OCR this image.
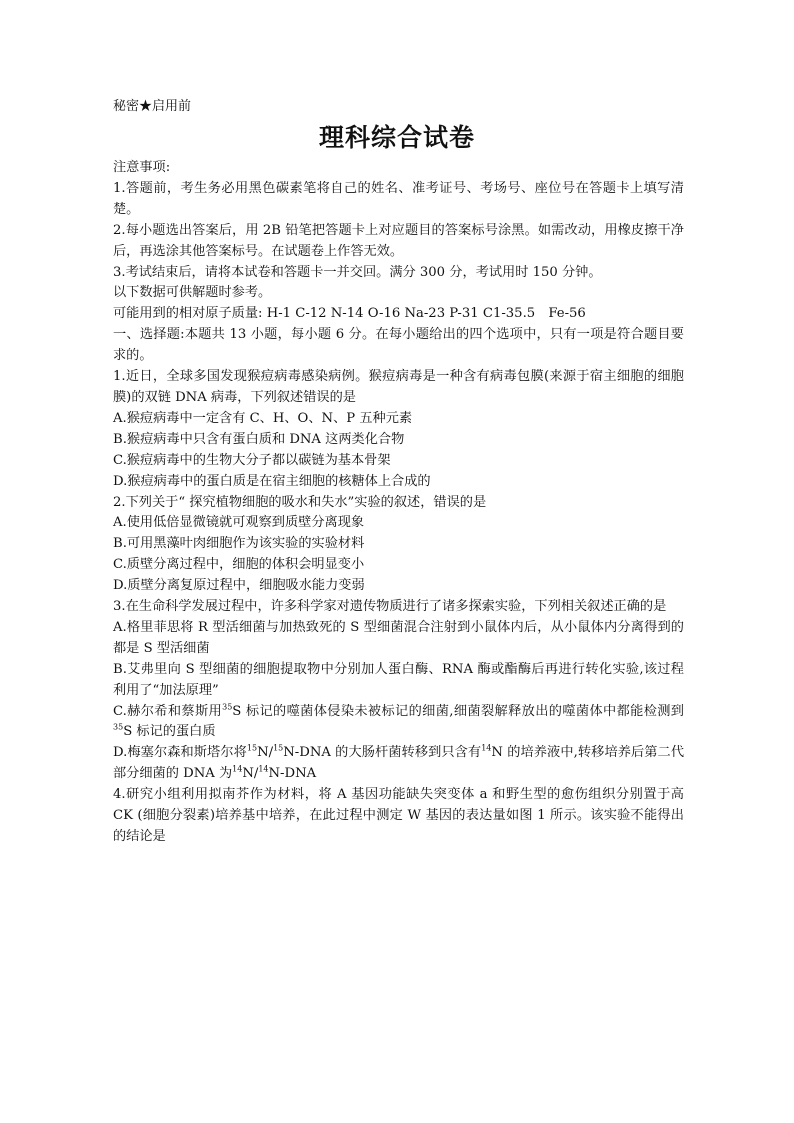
秘密★启用前
理科综合试卷

注意事项:

1.答题前，考生务必用黑色碳素笔将自己的姓名、准考证号、考场号、座位号在答题卡上填写清楚。

2.每小题选出答案后，用 2B 铅笔把答题卡上对应题目的答案标号涂黑。如需改动，用橡皮擦干净后，再选涂其他答案标号。在试题卷上作答无效。

3.考试结束后，请将本试卷和答题卡一并交回。满分 300 分，考试用时 150 分钟。

以下数据可供解题时参考。

可能用到的相对原子质量: H-1 C-12 N-14 O-16 Na-23 P-31 C1-35.5　Fe-56

一、选择题:本题共 13 小题，每小题 6 分。在每小题给出的四个选项中，只有一项是符合题目要求的。

1.近日，全球多国发现猴痘病毒感染病例。猴痘病毒是一种含有病毒包膜(来源于宿主细胞的细胞膜)的双链 DNA 病毒，下列叙述错误的是

A.猴痘病毒中一定含有 C、H、O、N、P 五种元素

B.猴痘病毒中只含有蛋白质和 DNA 这两类化合物

C.猴痘病毒中的生物大分子都以碳链为基本骨架

D.猴痘病毒中的蛋白质是在宿主细胞的核糖体上合成的

2.下列关于“ 探究植物细胞的吸水和失水”实验的叙述，错误的是

A.使用低倍显微镜就可观察到质壁分离现象

B.可用黑藻叶肉细胞作为该实验的实验材料

C.质壁分离过程中，细胞的体积会明显变小

D.质壁分离复原过程中，细胞吸水能力变弱

3.在生命科学发展过程中，许多科学家对遗传物质进行了诸多探索实验，下列相关叙述正确的是

A.格里菲思将 R 型活细菌与加热致死的 S 型细菌混合注射到小鼠体内后，从小鼠体内分离得到的都是 S 型活细菌

B.艾弗里向 S 型细菌的细胞提取物中分别加人蛋白酶、RNA 酶或酯酶后再进行转化实验,该过程利用了“加法原理”

C.赫尔希和蔡斯用$^{35}$S 标记的噬菌体侵染未被标记的细菌,细菌裂解释放出的噬菌体中都能检测到$^{35}$S 标记的蛋白质

D.梅塞尔森和斯塔尔将$^{15}$N/$^{15}$N-DNA 的大肠杆菌转移到只含有$^{14}$N 的培养液中,转移培养后第二代部分细菌的 DNA 为$^{14}$N/$^{14}$N-DNA

4.研究小组利用拟南芥作为材料，将 A 基因功能缺失突变体 a 和野生型的愈伤组织分别置于高 CK (细胞分裂素)培养基中培养，在此过程中测定 W 基因的表达量如图 1 所示。该实验不能得出的结论是
